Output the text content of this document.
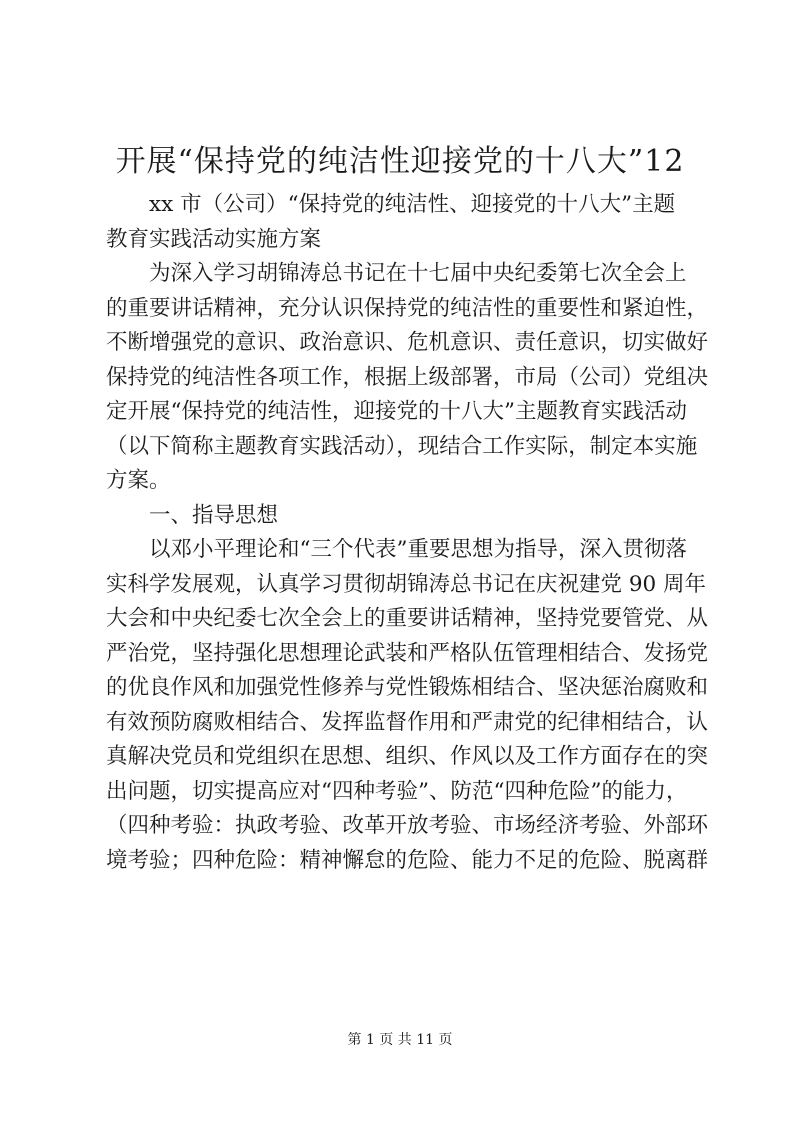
开展“保持党的纯洁性迎接党的十八大”12
xx 市（公司）“保持党的纯洁性、迎接党的十八大”主题
教育实践活动实施方案
为深入学习胡锦涛总书记在十七届中央纪委第七次全会上
的重要讲话精神，充分认识保持党的纯洁性的重要性和紧迫性，
不断增强党的意识、政治意识、危机意识、责任意识，切实做好
保持党的纯洁性各项工作，根据上级部署，市局（公司）党组决
定开展“保持党的纯洁性，迎接党的十八大”主题教育实践活动
（以下简称主题教育实践活动），现结合工作实际，制定本实施
方案。
一、指导思想
以邓小平理论和“三个代表”重要思想为指导，深入贯彻落
实科学发展观，认真学习贯彻胡锦涛总书记在庆祝建党 90 周年
大会和中央纪委七次全会上的重要讲话精神，坚持党要管党、从
严治党，坚持强化思想理论武装和严格队伍管理相结合、发扬党
的优良作风和加强党性修养与党性锻炼相结合、坚决惩治腐败和
有效预防腐败相结合、发挥监督作用和严肃党的纪律相结合，认
真解决党员和党组织在思想、组织、作风以及工作方面存在的突
出问题，切实提高应对“四种考验”、防范“四种危险”的能力，
（四种考验：执政考验、改革开放考验、市场经济考验、外部环
境考验；四种危险：精神懈怠的危险、能力不足的危险、脱离群
第 1 页 共 11 页
